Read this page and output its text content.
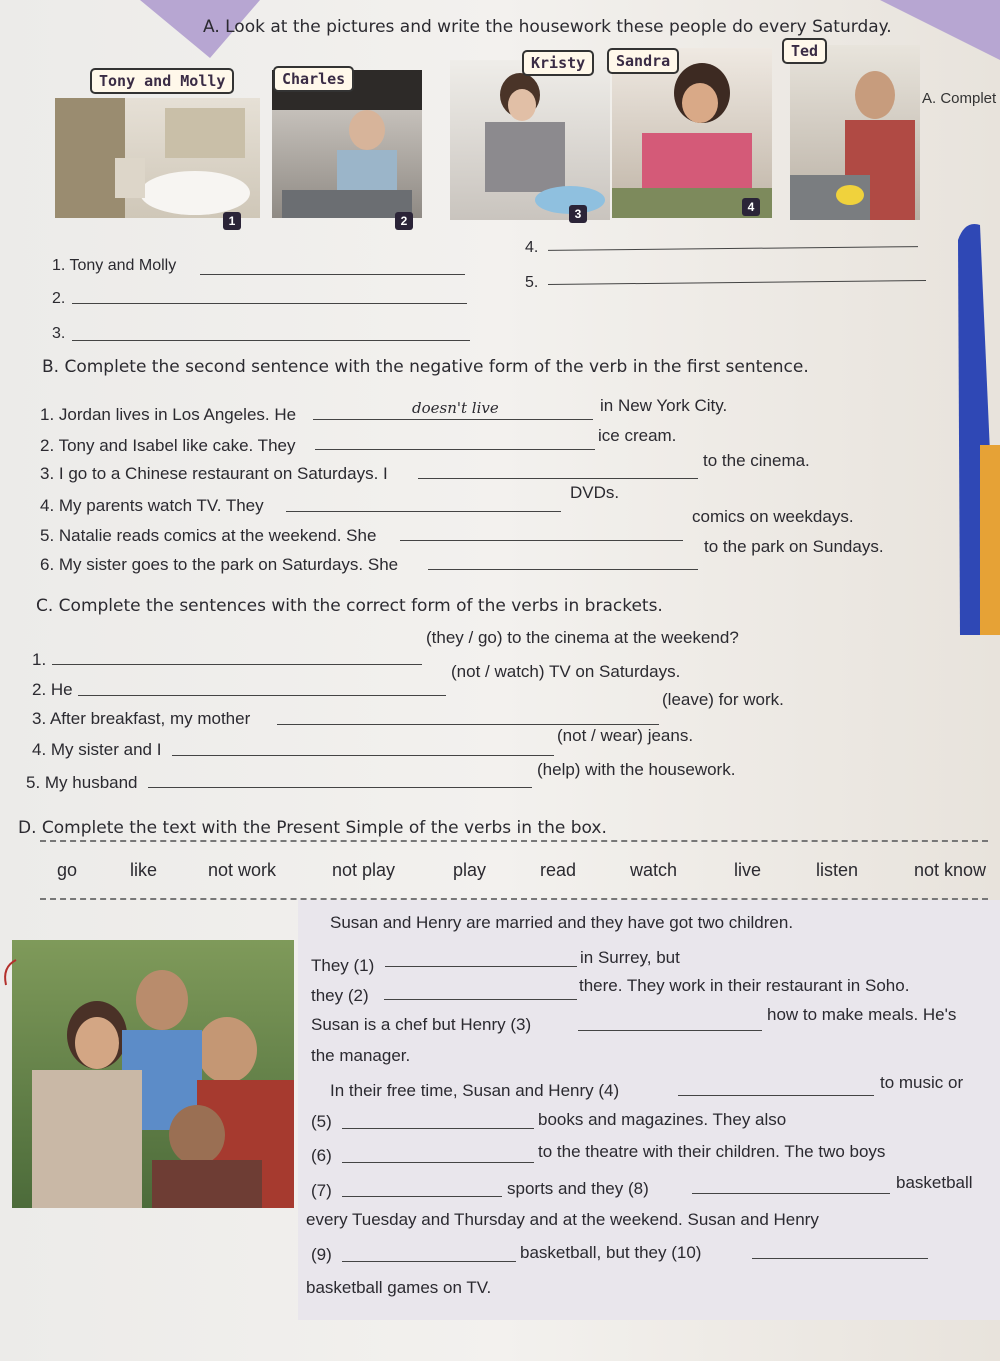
A. Look at the pictures and write the housework these people do every Saturday.
A. Complet
Tony and Molly	Charles
Kristy	Sandra
Ted
1	2	3	4
1. Tony and Molly
2.
3.
4.
5.
B. Complete the second sentence with the negative form of the verb in the first sentence.
1. Jordan lives in Los Angeles. He	doesn't live	in New York City.
2. Tony and Isabel like cake. They
ice cream.
3. I go to a Chinese restaurant on Saturdays. I
to the cinema.
4. My parents watch TV. They
DVDs.
5. Natalie reads comics at the weekend. She
comics on weekdays.
6. My sister goes to the park on Saturdays. She
to the park on Sundays.
C. Complete the sentences with the correct form of the verbs in brackets.
1.
(they / go) to the cinema at the weekend?
2. He
(not / watch) TV on Saturdays.
3. After breakfast, my mother
(leave) for work.
4. My sister and I
(not / wear) jeans.
5. My husband
(help) with the housework.
D. Complete the text with the Present Simple of the verbs in the box.
go	like	not work	not play	play	read	watch	live	listen	not know
Susan and Henry are married and they have got two children.
They (1)	in Surrey, but
they (2)
there. They work in their restaurant in Soho.
Susan is a chef but Henry (3)
how to make meals. He's
the manager.
In their free time, Susan and Henry (4)	to music or
(5)	books and magazines. They also
(6)	to the theatre with their children. The two boys
(7)	sports and they (8)	basketball
every Tuesday and Thursday and at the weekend. Susan and Henry
(9)	basketball, but they (10)
basketball games on TV.
